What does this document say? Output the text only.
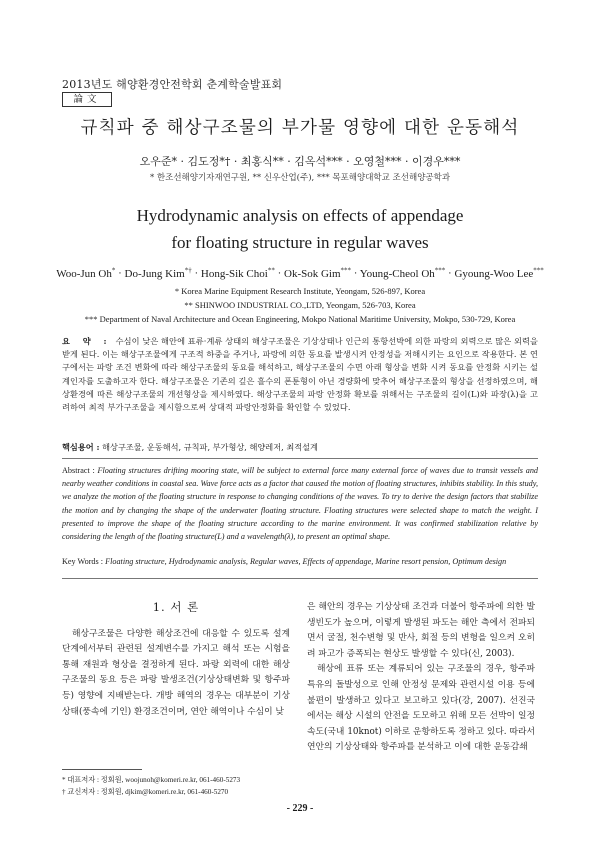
2013년도 해양환경안전학회 춘계학술발표회
論文
규칙파 중 해상구조물의 부가물 영향에 대한 운동해석
오우준* · 김도정*† · 최홍식** · 김옥석*** · 오영철*** · 이경우***
* 한조선해양기자재연구원, ** 신우산업(주), *** 목포해양대학교 조선해양공학과
Hydrodynamic analysis on effects of appendage
for floating structure in regular waves
Woo-Jun Oh* · Do-Jung Kim*† · Hong-Sik Choi** · Ok-Sok Gim*** · Young-Cheol Oh*** · Gyoung-Woo Lee***
* Korea Marine Equipment Research Institute, Yeongam, 526-897, Korea
** SHINWOO INDUSTRIAL CO.,LTD, Yeongam, 526-703, Korea
*** Department of Naval Architecture and Ocean Engineering, Mokpo National Maritime University, Mokpo, 530-729, Korea
요 약 : 수심이 낮은 해안에 표류·계류 상태의 해상구조물은 기상상태나 인근의 통항선박에 의한 파랑의 외력으로 많은 외력을 받게 된다. 이는 해상구조물에게 구조적 하중을 주거나, 파랑에 의한 동요를 발생시켜 안정성을 저해시키는 요인으로 작용한다. 본 연구에서는 파랑 조건 변화에 따라 해상구조물의 동요를 해석하고, 해상구조물의 수면 아래 형상을 변화 시켜 동요를 안정화 시키는 설계인자를 도출하고자 한다. 해상구조물은 기존의 깊은 흘수의 폰툰형이 아닌 경량화에 맞추어 해상구조물의 형상을 선정하였으며, 해상환경에 따른 해상구조물의 개선형상을 제시하였다. 해상구조물의 파랑 안정화 확보를 위해서는 구조물의 길이(L)와 파장(λ)을 고려하여 최적 부가구조물을 제시함으로써 상대적 파랑안정화를 확인할 수 있었다.
핵심용어 : 해상구조물, 운동해석, 규칙파, 부가형상, 해양레저, 최적설계
Abstract : Floating structures drifting mooring state, will be subject to external force many external force of waves due to transit vessels and nearby weather conditions in coastal sea. Wave force acts as a factor that caused the motion of floating structures, inhibits stability. In this study, we analyze the motion of the floating structure in response to changing conditions of the waves. To try to derive the design factors that stabilize the motion and by changing the shape of the underwater floating structure. Floating structures were selected shape to match the weight. I presented to improve the shape of the floating structure according to the marine environment. It was confirmed stabilization relative by considering the length of the floating structure(L) and a wavelength(λ), to present an optimal shape.
Key Words : Floating structure, Hydrodynamic analysis, Regular waves, Effects of appendage, Marine resort pension, Optimum design
1. 서 론

해상구조물은 다양한 해상조건에 대응할 수 있도록 설계단계에서부터 관련된 설계변수를 가지고 해석 또는 시험을 통해 재원과 형상을 결정하게 된다. 파랑 외력에 대한 해상구조물의 동요 등은 파랑 발생조건(기상상태변화 및 항주파등) 영향에 지배받는다. 개방 해역의 경우는 대부분이 기상상태(풍속에 기인) 환경조건이며, 연안 해역이나 수심이 낮

은 해안의 경우는 기상상태 조건과 더불어 항주파에 의한 발생빈도가 높으며, 이렇게 발생된 파도는 해안 측에서 전파되면서 굴절, 천수변형 및 반사, 회절 등의 변형을 일으켜 오히려 파고가 증폭되는 현상도 발생할 수 있다(신, 2003).

해상에 표류 또는 계류되어 있는 구조물의 경우, 항주파 특유의 돌발성으로 인해 안정성 문제와 관련시설 이용 등에 불편이 발생하고 있다고 보고하고 있다(강, 2007). 선진국에서는 해상 시설의 안전을 도모하고 위해 모든 선박이 일정속도(국내 10knot) 이하로 운항하도록 정하고 있다. 따라서 연안의 기상상태와 항주파를 분석하고 이에 대한 운동감쇄

* 대표저자 : 정회원, woojunoh@komeri.re.kr, 061-460-5273
† 교신저자 : 정회원, djkim@komeri.re.kr, 061-460-5270
- 229 -
